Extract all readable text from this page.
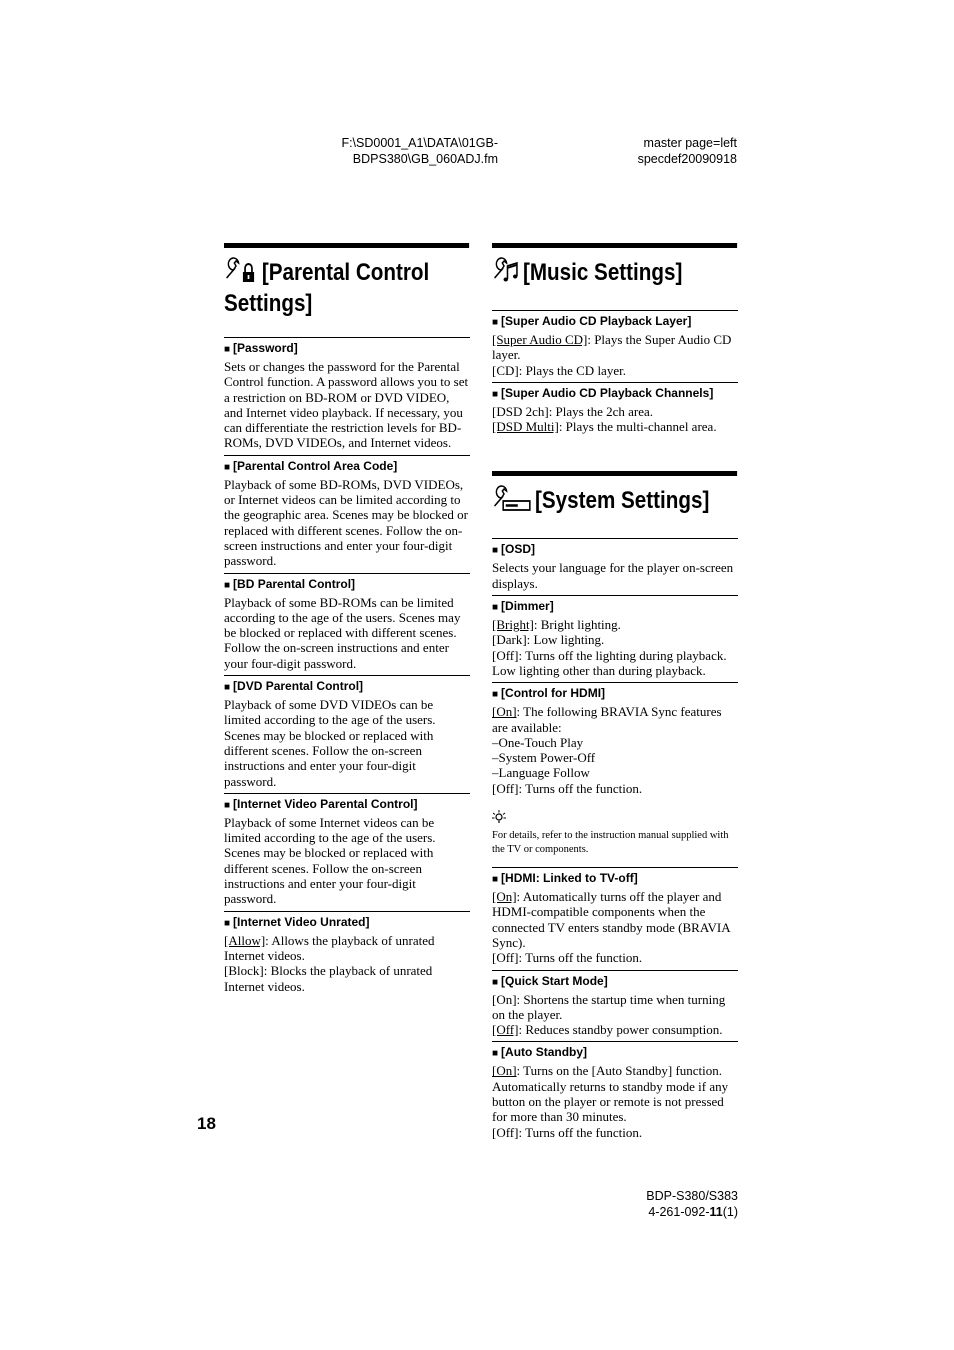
F:\SD0001_A1\DATA\01GB-
BDPS380\GB_060ADJ.fm
master page=left
specdef20090918
[Parental Control Settings]
■ [Password]

Sets or changes the password for the Parental Control function. A password allows you to set a restriction on BD-ROM or DVD VIDEO, and Internet video playback. If necessary, you can differentiate the restriction levels for BD-ROMs, DVD VIDEOs, and Internet videos.

■ [Parental Control Area Code]

Playback of some BD-ROMs, DVD VIDEOs, or Internet videos can be limited according to the geographic area. Scenes may be blocked or replaced with different scenes. Follow the on-screen instructions and enter your four-digit password.

■ [BD Parental Control]

Playback of some BD-ROMs can be limited according to the age of the users. Scenes may be blocked or replaced with different scenes. Follow the on-screen instructions and enter your four-digit password.

■ [DVD Parental Control]

Playback of some DVD VIDEOs can be limited according to the age of the users. Scenes may be blocked or replaced with different scenes. Follow the on-screen instructions and enter your four-digit password.

■ [Internet Video Parental Control]

Playback of some Internet videos can be limited according to the age of the users. Scenes may be blocked or replaced with different scenes. Follow the on-screen instructions and enter your four-digit password.

■ [Internet Video Unrated]

[Allow]: Allows the playback of unrated Internet videos.

[Block]: Blocks the playback of unrated Internet videos.

[Music Settings]
■ [Super Audio CD Playback Layer]

[Super Audio CD]: Plays the Super Audio CD layer.

[CD]: Plays the CD layer.

■ [Super Audio CD Playback Channels]

[DSD 2ch]: Plays the 2ch area.

[DSD Multi]: Plays the multi-channel area.

[System Settings]
■ [OSD]

Selects your language for the player on-screen displays.

■ [Dimmer]

[Bright]: Bright lighting.

[Dark]: Low lighting.

[Off]: Turns off the lighting during playback. Low lighting other than during playback.

■ [Control for HDMI]

[On]: The following BRAVIA Sync features are available:

–One-Touch Play

–System Power-Off

–Language Follow

[Off]: Turns off the function.

For details, refer to the instruction manual supplied with the TV or components.
■ [HDMI: Linked to TV-off]

[On]: Automatically turns off the player and HDMI-compatible components when the connected TV enters standby mode (BRAVIA Sync).

[Off]: Turns off the function.

■ [Quick Start Mode]

[On]: Shortens the startup time when turning on the player.

[Off]: Reduces standby power consumption.

■ [Auto Standby]

[On]: Turns on the [Auto Standby] function. Automatically returns to standby mode if any button on the player or remote is not pressed for more than 30 minutes.

[Off]: Turns off the function.

18
BDP-S380/S383
4-261-092-11(1)
